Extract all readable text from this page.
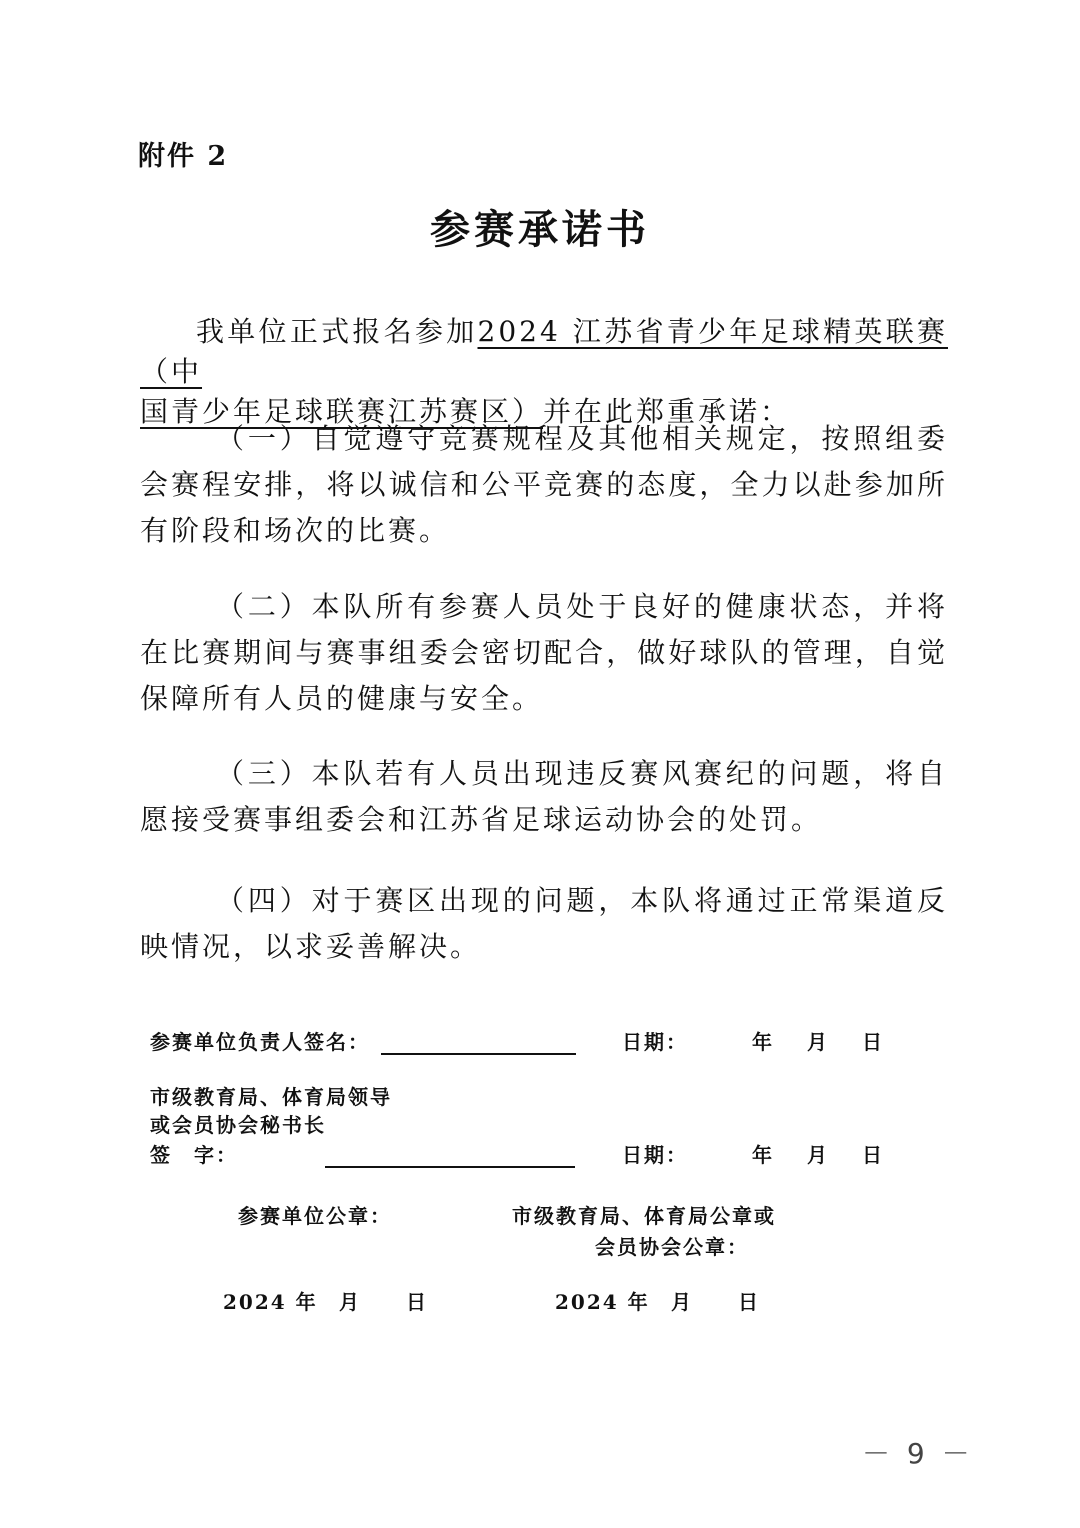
附件 2
参赛承诺书
我单位正式报名参加2024 江苏省青少年足球精英联赛（中
国青少年足球联赛江苏赛区）并在此郑重承诺：
（一）自觉遵守竞赛规程及其他相关规定，按照组委会赛程安排，将以诚信和公平竞赛的态度，全力以赴参加所有阶段和场次的比赛。
（二）本队所有参赛人员处于良好的健康状态，并将在比赛期间与赛事组委会密切配合，做好球队的管理，自觉保障所有人员的健康与安全。
（三）本队若有人员出现违反赛风赛纪的问题，将自愿接受赛事组委会和江苏省足球运动协会的处罚。
（四）对于赛区出现的问题，本队将通过正常渠道反映情况，以求妥善解决。
参赛单位负责人签名：	日期：	年 月 日
市级教育局、体育局领导
或会员协会秘书长
签　字：	日期：	年 月 日
参赛单位公章：	市级教育局、体育局公章或
会员协会公章：
2024 年 月 日	2024 年 月 日
－ 9 －
